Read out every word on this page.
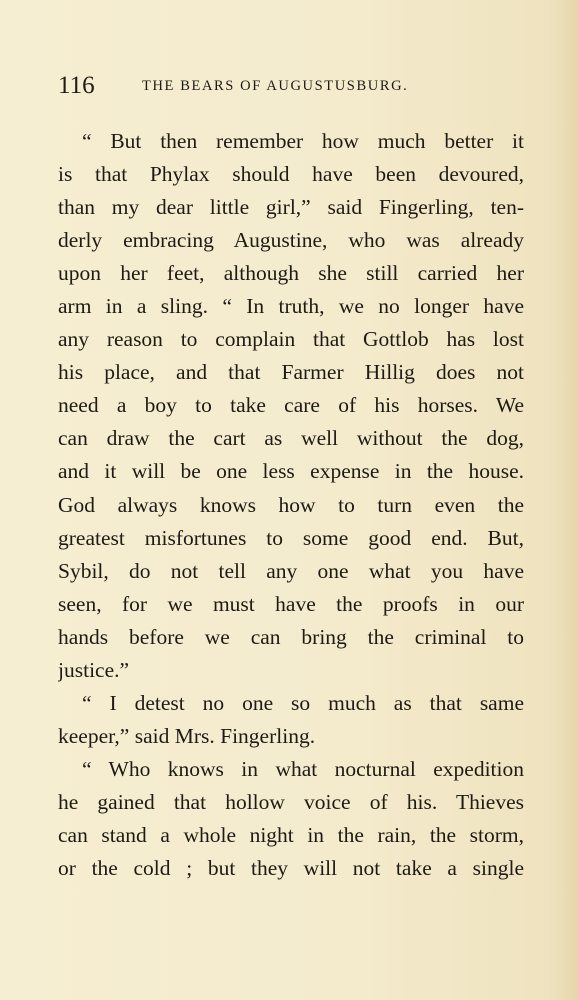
116	THE BEARS OF AUGUSTUSBURG.
“ But then remember how much better it
is that Phylax should have been devoured,
than my dear little girl,” said Fingerling, ten-
derly embracing Augustine, who was already
upon her feet, although she still carried her
arm in a sling. “ In truth, we no longer have
any reason to complain that Gottlob has lost
his place, and that Farmer Hillig does not
need a boy to take care of his horses. We
can draw the cart as well without the dog,
and it will be one less expense in the house.
God always knows how to turn even the
greatest misfortunes to some good end. But,
Sybil, do not tell any one what you have
seen, for we must have the proofs in our
hands before we can bring the criminal to
justice.”
“ I detest no one so much as that same
keeper,” said Mrs. Fingerling.
“ Who knows in what nocturnal expedition
he gained that hollow voice of his. Thieves
can stand a whole night in the rain, the storm,
or the cold ; but they will not take a single
